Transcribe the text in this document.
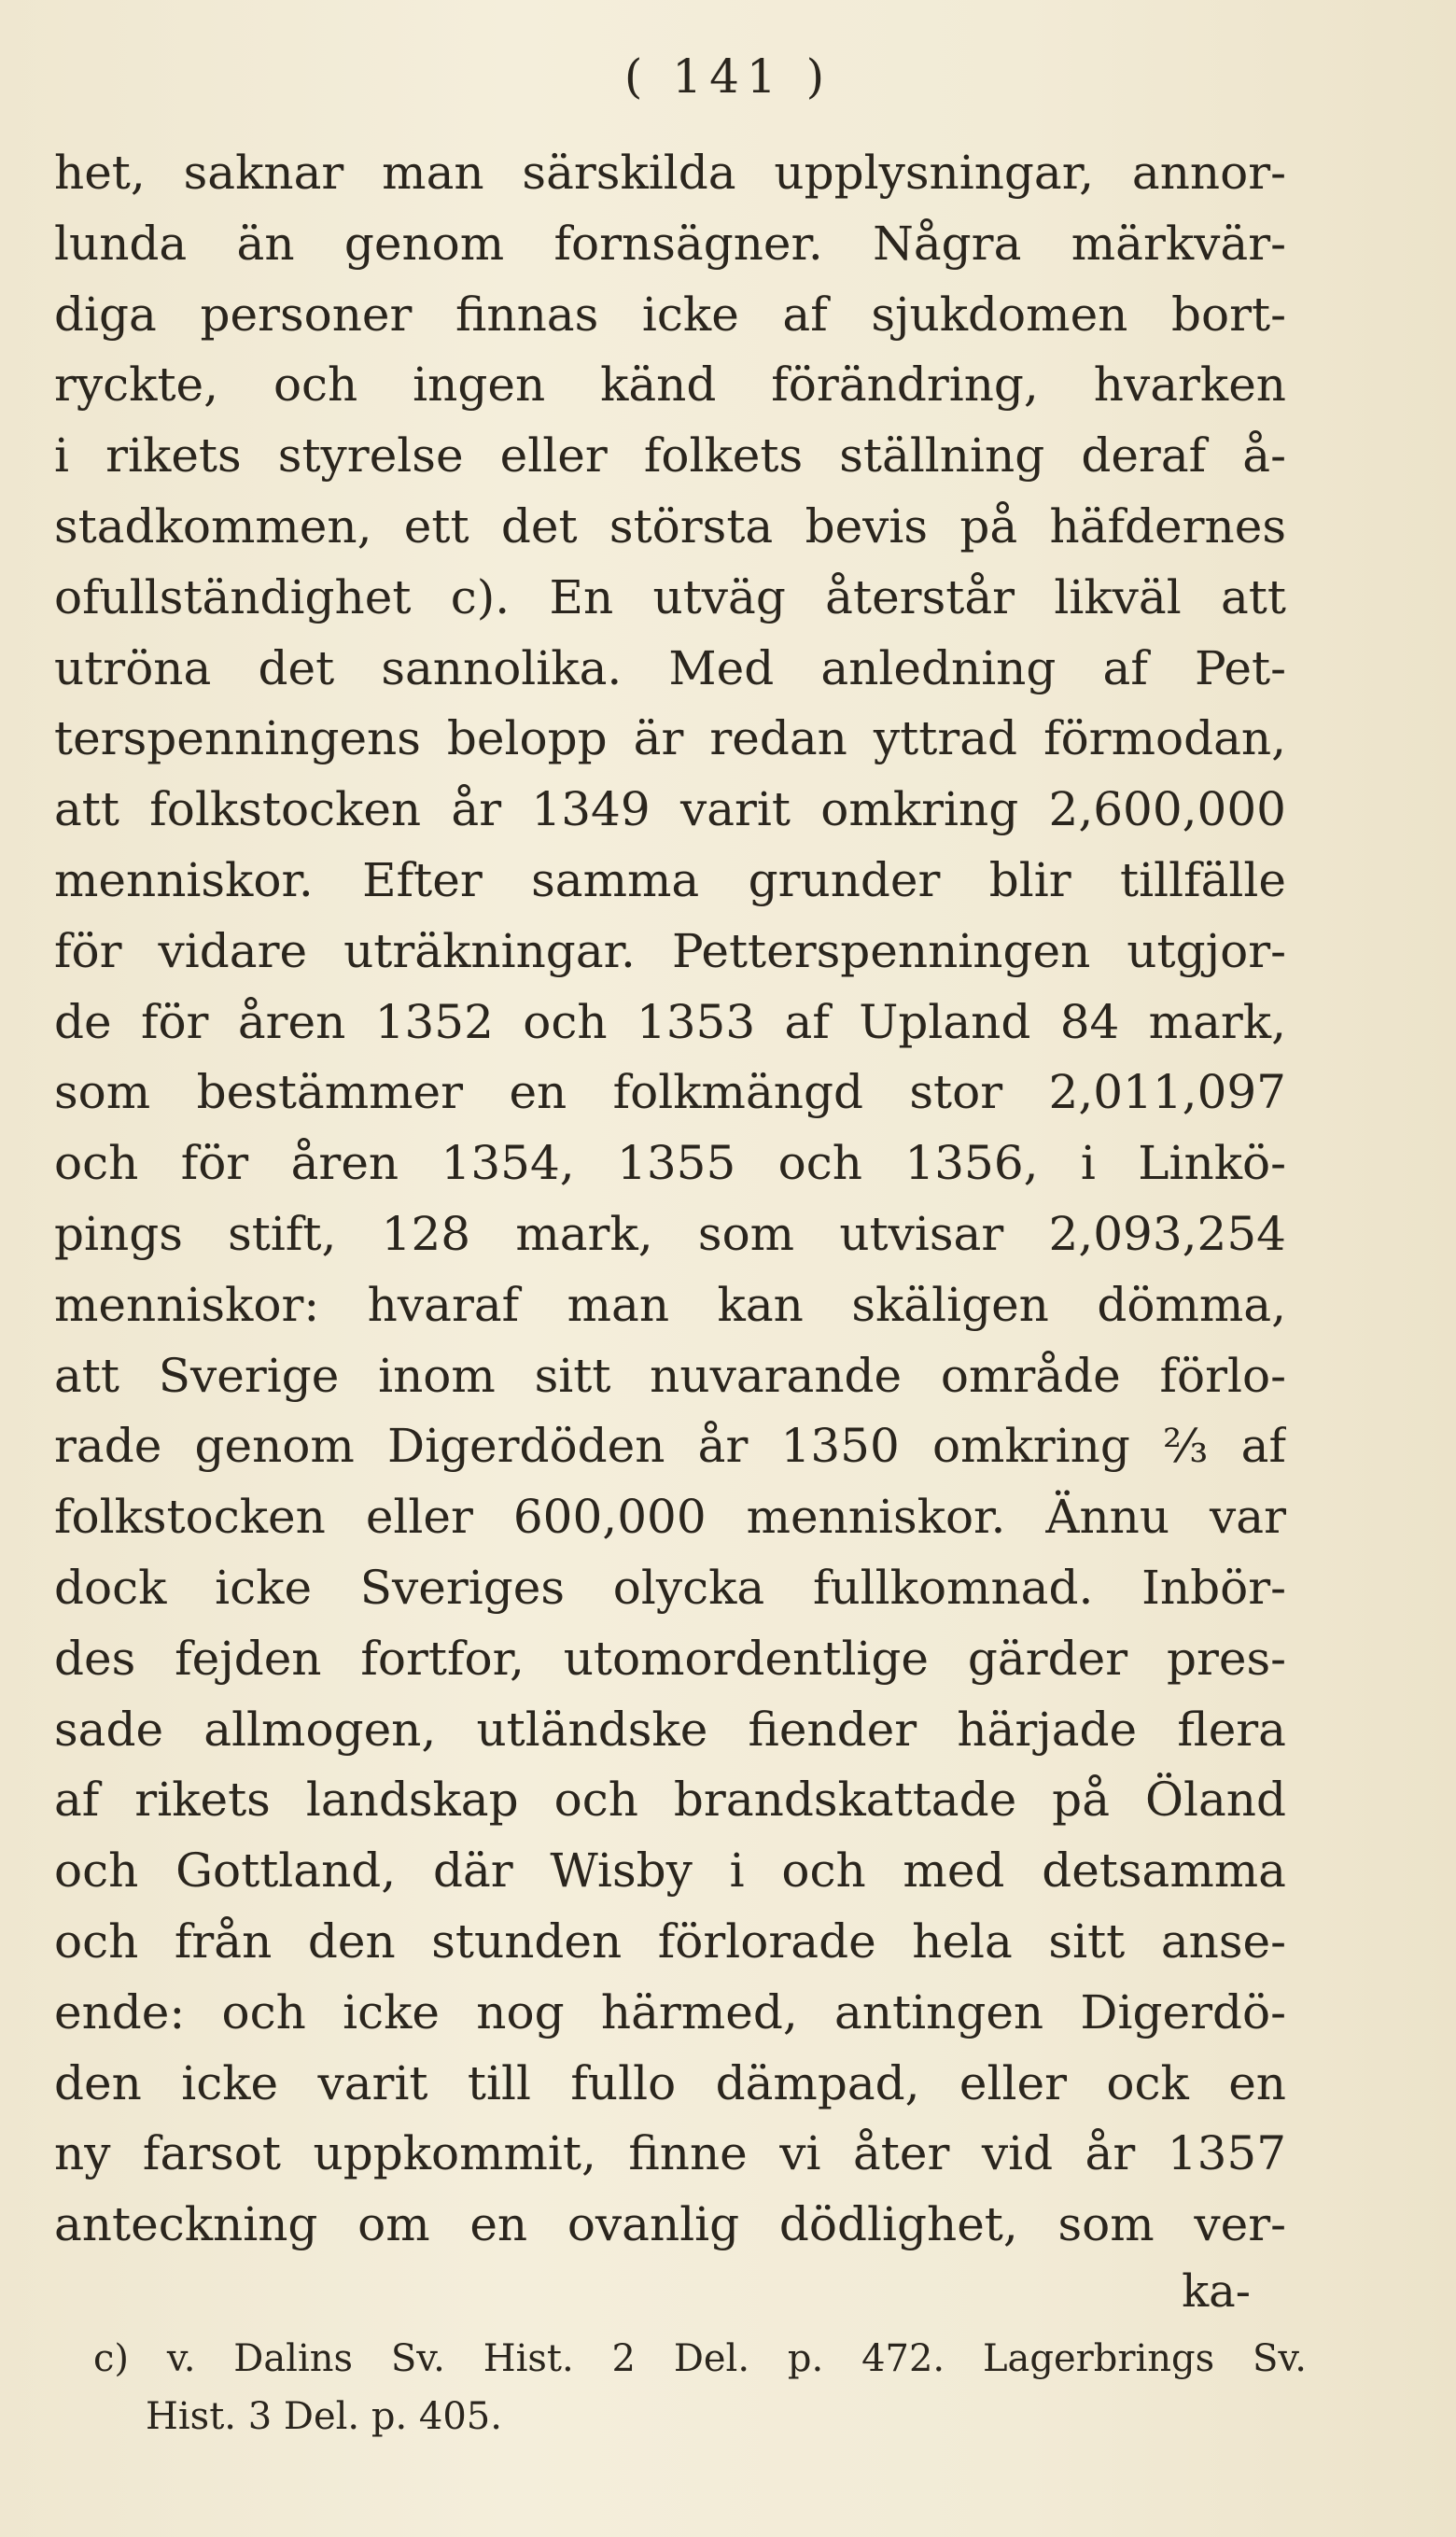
( 141 )
het, saknar man särskilda upplysningar, annor-
lunda än genom fornsägner. Några märkvär-
diga personer finnas icke af sjukdomen bort-
ryckte, och ingen känd förändring, hvarken
i rikets styrelse eller folkets ställning deraf å-
stadkommen, ett det största bevis på häfdernes
ofullständighet c). En utväg återstår likväl att
utröna det sannolika. Med anledning af Pet-
terspenningens belopp är redan yttrad förmodan,
att folkstocken år 1349 varit omkring 2,600,000
menniskor. Efter samma grunder blir tillfälle
för vidare uträkningar. Petterspenningen utgjor-
de för åren 1352 och 1353 af Upland 84 mark,
som bestämmer en folkmängd stor 2,011,097
och för åren 1354, 1355 och 1356, i Linkö-
pings stift, 128 mark, som utvisar 2,093,254
menniskor: hvaraf man kan skäligen dömma,
att Sverige inom sitt nuvarande område förlo-
rade genom Digerdöden år 1350 omkring ⅔ af
folkstocken eller 600,000 menniskor. Ännu var
dock icke Sveriges olycka fullkomnad. Inbör-
des fejden fortfor, utomordentlige gärder pres-
sade allmogen, utländske fiender härjade flera
af rikets landskap och brandskattade på Öland
och Gottland, där Wisby i och med detsamma
och från den stunden förlorade hela sitt anse-
ende: och icke nog härmed, antingen Digerdö-
den icke varit till fullo dämpad, eller ock en
ny farsot uppkommit, finne vi åter vid år 1357
anteckning om en ovanlig dödlighet, som ver-
ka-
c) v. Dalins Sv. Hist. 2 Del. p. 472. Lagerbrings Sv.
Hist. 3 Del. p. 405.
